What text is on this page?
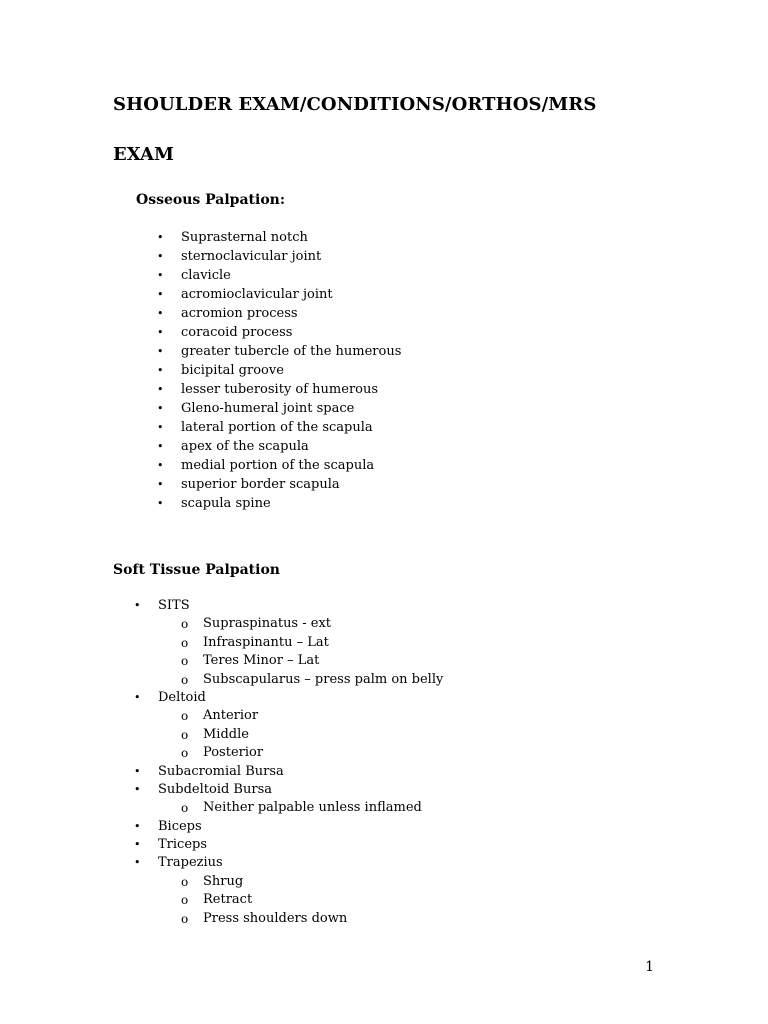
SHOULDER EXAM/CONDITIONS/ORTHOS/MRS
EXAM
Osseous Palpation:
• Suprasternal notch
• sternoclavicular joint
• clavicle
• acromioclavicular joint
• acromion process
• coracoid process
• greater tubercle of the humerous
• bicipital groove
• lesser tuberosity of humerous
• Gleno-humeral joint space
• lateral portion of the scapula
• apex of the scapula
• medial portion of the scapula
• superior border scapula
• scapula spine
Soft Tissue Palpation
• SITS
o Supraspinatus - ext
o Infraspinantu – Lat
o Teres Minor – Lat
o Subscapularus – press palm on belly
• Deltoid
o Anterior
o Middle
o Posterior
• Subacromial Bursa
• Subdeltoid Bursa
o Neither palpable unless inflamed
• Biceps
• Triceps
• Trapezius
o Shrug
o Retract
o Press shoulders down
1
